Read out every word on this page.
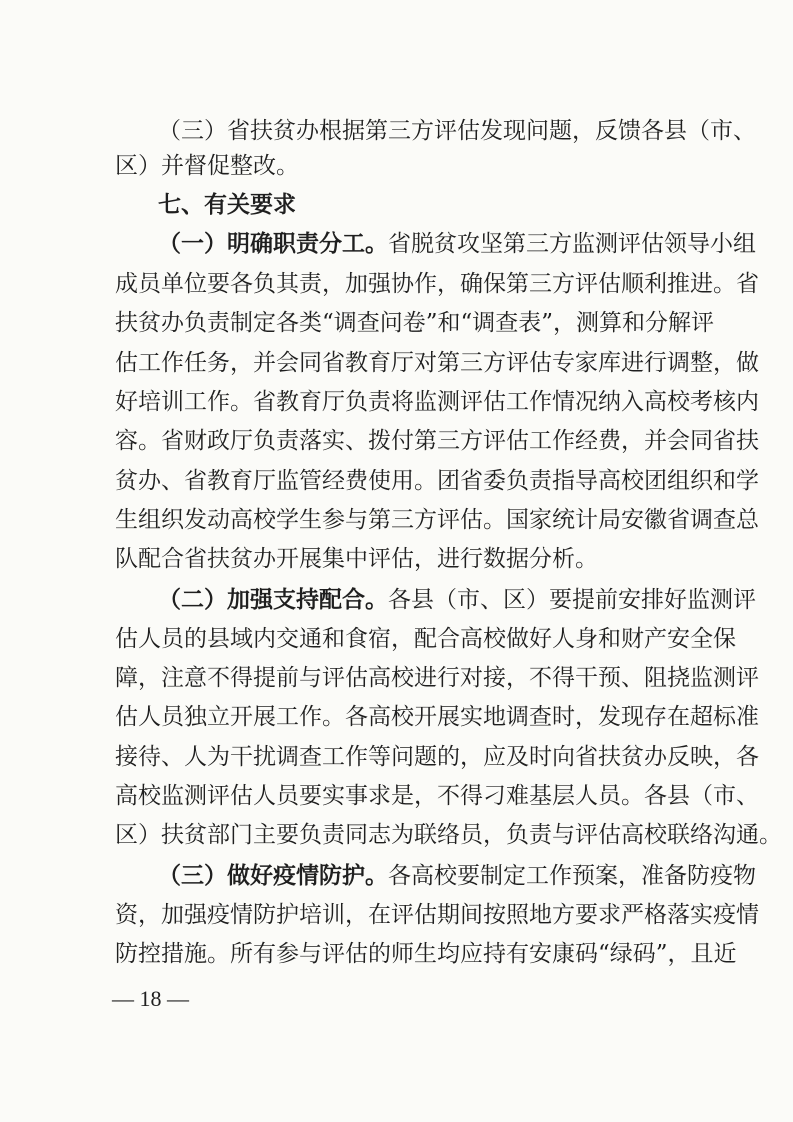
（三）省扶贫办根据第三方评估发现问题，反馈各县（市、
区）并督促整改。
七、有关要求
（一）明确职责分工。省脱贫攻坚第三方监测评估领导小组
成员单位要各负其责，加强协作，确保第三方评估顺利推进。省
扶贫办负责制定各类“调查问卷”和“调查表”，测算和分解评
估工作任务，并会同省教育厅对第三方评估专家库进行调整，做
好培训工作。省教育厅负责将监测评估工作情况纳入高校考核内
容。省财政厅负责落实、拨付第三方评估工作经费，并会同省扶
贫办、省教育厅监管经费使用。团省委负责指导高校团组织和学
生组织发动高校学生参与第三方评估。国家统计局安徽省调查总
队配合省扶贫办开展集中评估，进行数据分析。
（二）加强支持配合。各县（市、区）要提前安排好监测评
估人员的县域内交通和食宿，配合高校做好人身和财产安全保
障，注意不得提前与评估高校进行对接，不得干预、阻挠监测评
估人员独立开展工作。各高校开展实地调查时，发现存在超标准
接待、人为干扰调查工作等问题的，应及时向省扶贫办反映，各
高校监测评估人员要实事求是，不得刁难基层人员。各县（市、
区）扶贫部门主要负责同志为联络员，负责与评估高校联络沟通。
（三）做好疫情防护。各高校要制定工作预案，准备防疫物
资，加强疫情防护培训，在评估期间按照地方要求严格落实疫情
防控措施。所有参与评估的师生均应持有安康码“绿码”，且近
— 18 —
